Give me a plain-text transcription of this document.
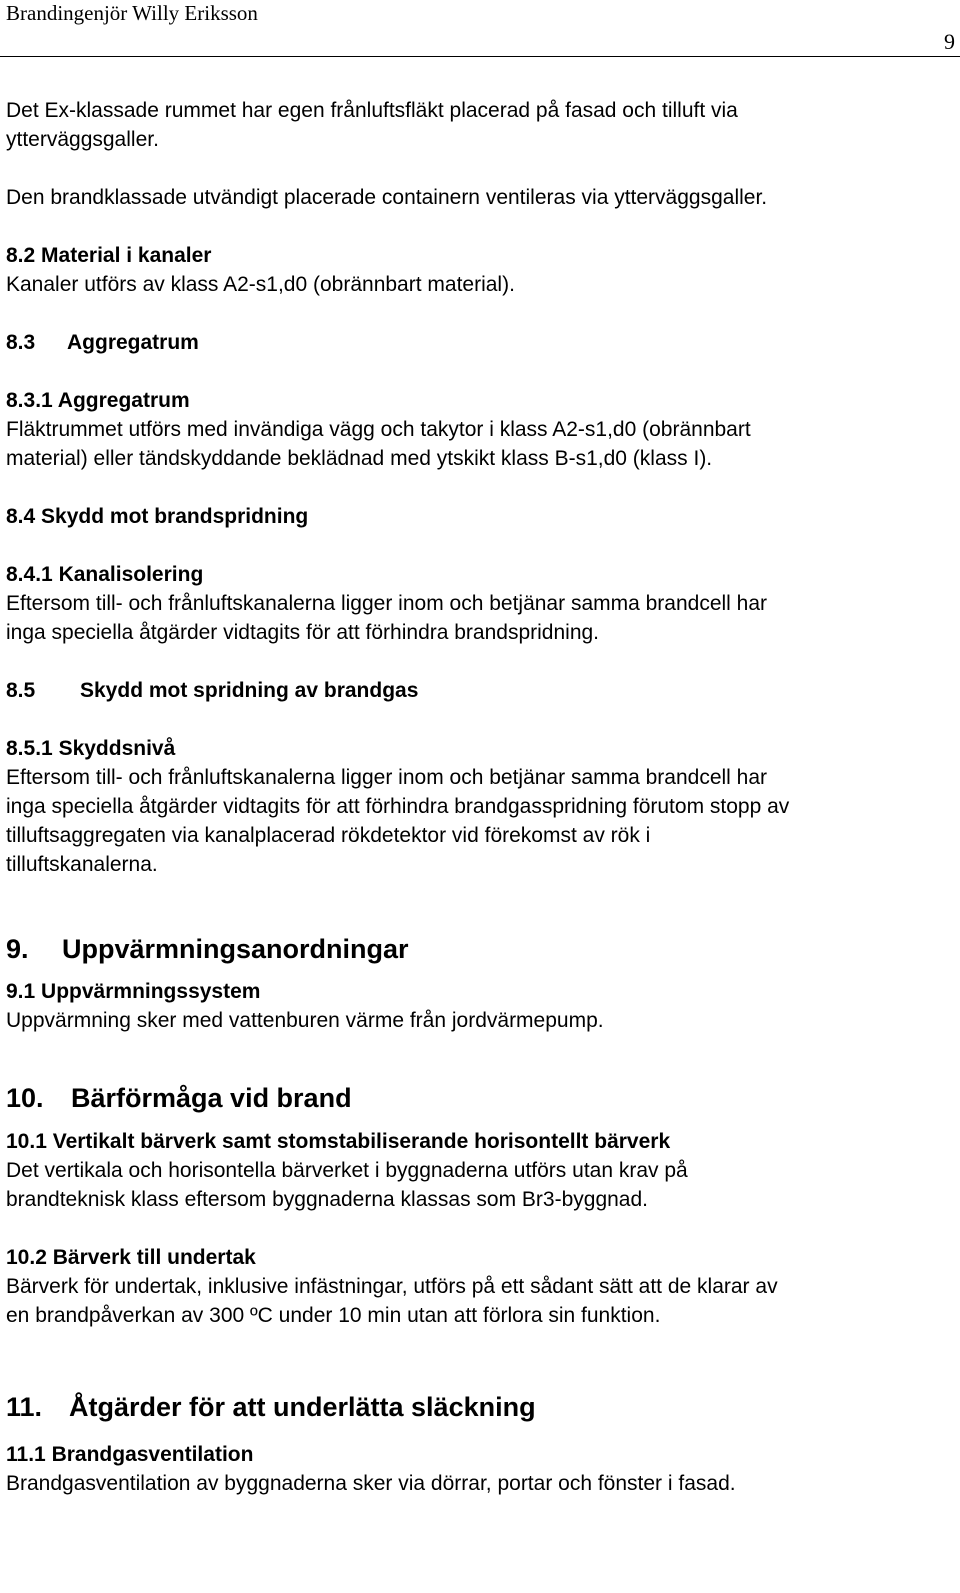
Brandingenjör Willy Eriksson
9

Det Ex-klassade rummet har egen frånluftsfläkt placerad på fasad och tilluft via

ytterväggsgaller.

Den brandklassade utvändigt placerade containern ventileras via ytterväggsgaller.

8.2 Material i kanaler

Kanaler utförs av klass A2-s1,d0 (obrännbart material).

8.3 Aggregatrum

8.3.1 Aggregatrum

Fläktrummet utförs med invändiga vägg och takytor i klass A2-s1,d0 (obrännbart

material) eller tändskyddande beklädnad med ytskikt klass B-s1,d0 (klass I).

8.4 Skydd mot brandspridning

8.4.1 Kanalisolering

Eftersom till- och frånluftskanalerna ligger inom och betjänar samma brandcell har

inga speciella åtgärder vidtagits för att förhindra brandspridning.

8.5 Skydd mot spridning av brandgas

8.5.1 Skyddsnivå

Eftersom till- och frånluftskanalerna ligger inom och betjänar samma brandcell har

inga speciella åtgärder vidtagits för att förhindra brandgasspridning förutom stopp av

tilluftsaggregaten via kanalplacerad rökdetektor vid förekomst av rök i

tilluftskanalerna.

9. Uppvärmningsanordningar

9.1 Uppvärmningssystem

Uppvärmning sker med vattenburen värme från jordvärmepump.

10. Bärförmåga vid brand

10.1 Vertikalt bärverk samt stomstabiliserande horisontellt bärverk

Det vertikala och horisontella bärverket i byggnaderna utförs utan krav på

brandteknisk klass eftersom byggnaderna klassas som Br3-byggnad.

10.2 Bärverk till undertak

Bärverk för undertak, inklusive infästningar, utförs på ett sådant sätt att de klarar av

en brandpåverkan av 300 ºC under 10 min utan att förlora sin funktion.

11. Åtgärder för att underlätta släckning

11.1 Brandgasventilation

Brandgasventilation av byggnaderna sker via dörrar, portar och fönster i fasad.
